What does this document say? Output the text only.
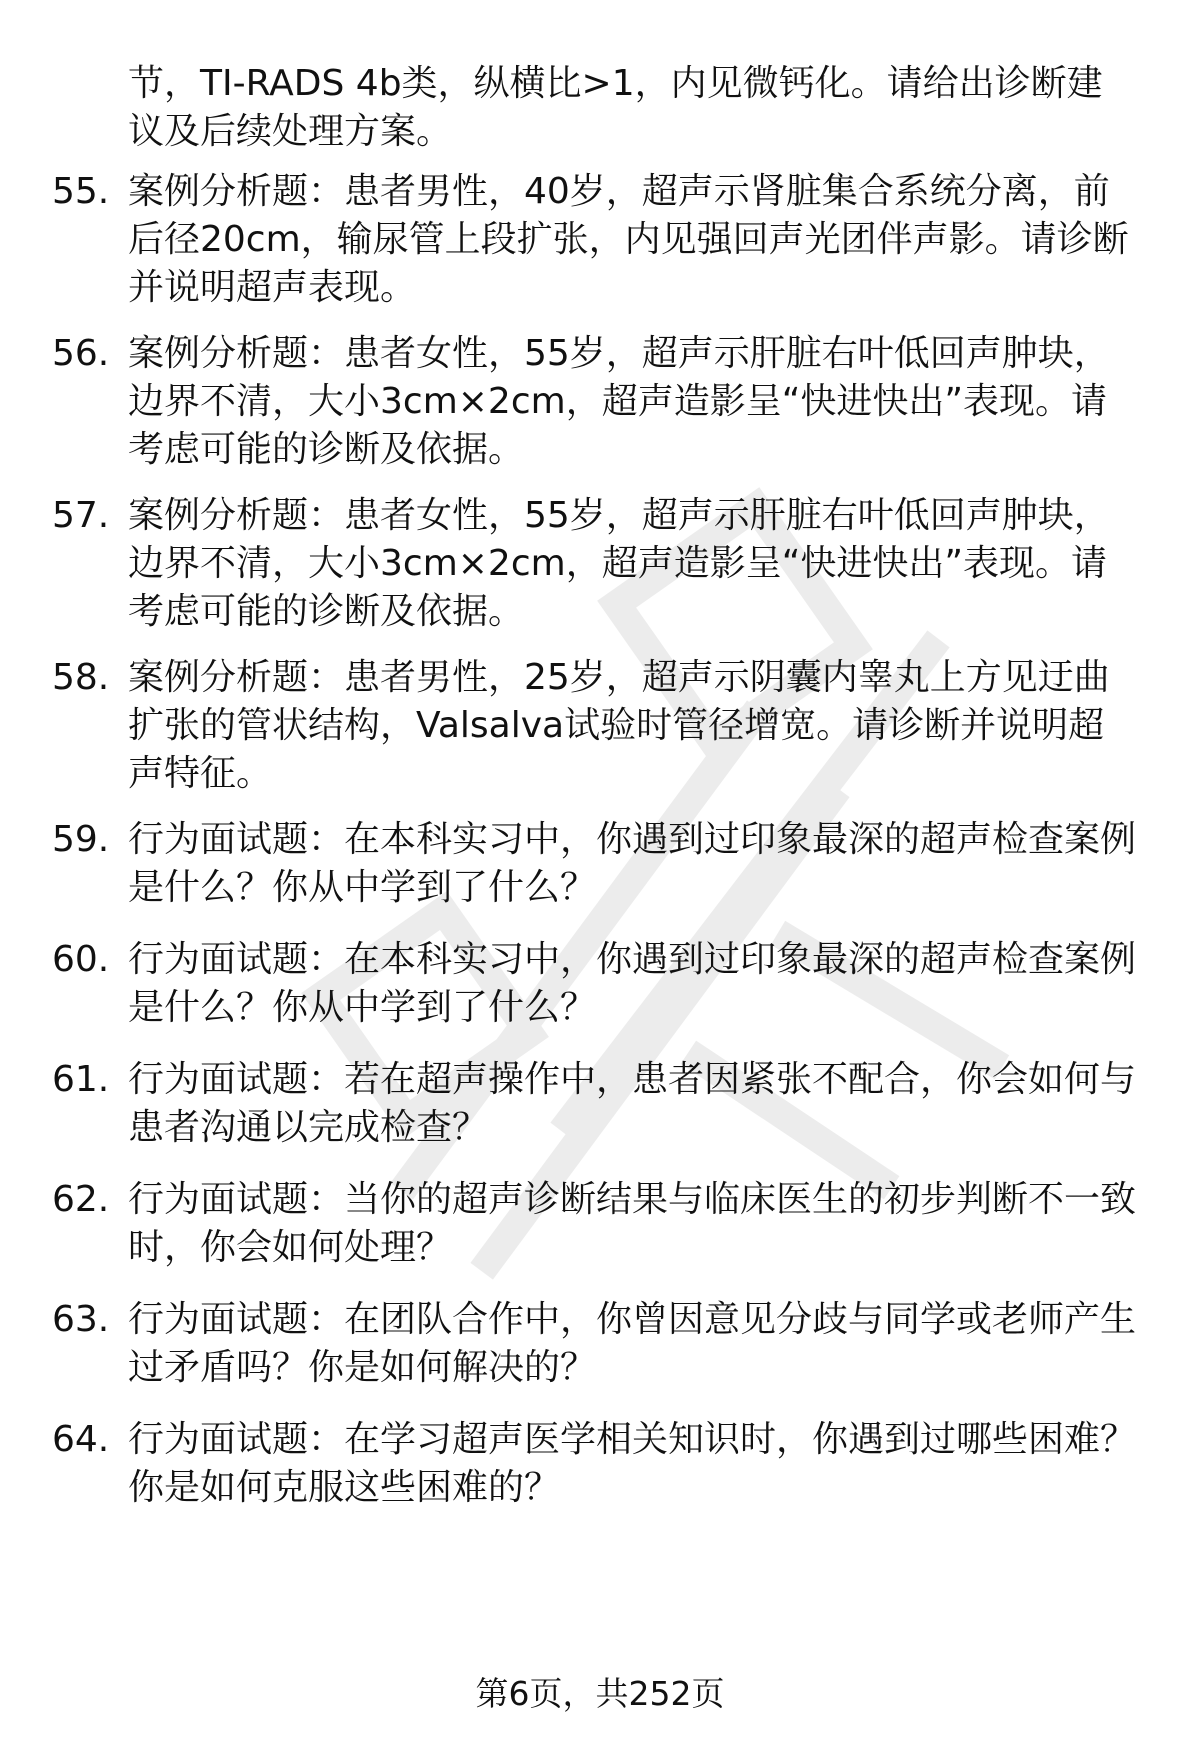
节，TI-RADS 4b类，纵横比>1，内见微钙化。请给出诊断建议及后续处理方案。
55. 案例分析题：患者男性，40岁，超声示肾脏集合系统分离，前后径20cm，输尿管上段扩张，内见强回声光团伴声影。请诊断并说明超声表现。
56. 案例分析题：患者女性，55岁，超声示肝脏右叶低回声肿块，边界不清，大小3cm×2cm，超声造影呈“快进快出”表现。请考虑可能的诊断及依据。
57. 案例分析题：患者女性，55岁，超声示肝脏右叶低回声肿块，边界不清，大小3cm×2cm，超声造影呈“快进快出”表现。请考虑可能的诊断及依据。
58. 案例分析题：患者男性，25岁，超声示阴囊内睾丸上方见迂曲扩张的管状结构，Valsalva试验时管径增宽。请诊断并说明超声特征。
59. 行为面试题：在本科实习中，你遇到过印象最深的超声检查案例是什么？你从中学到了什么？
60. 行为面试题：在本科实习中，你遇到过印象最深的超声检查案例是什么？你从中学到了什么？
61. 行为面试题：若在超声操作中，患者因紧张不配合，你会如何与患者沟通以完成检查？
62. 行为面试题：当你的超声诊断结果与临床医生的初步判断不一致时，你会如何处理？
63. 行为面试题：在团队合作中，你曾因意见分歧与同学或老师产生过矛盾吗？你是如何解决的？
64. 行为面试题：在学习超声医学相关知识时，你遇到过哪些困难？你是如何克服这些困难的？
第6页，共252页
